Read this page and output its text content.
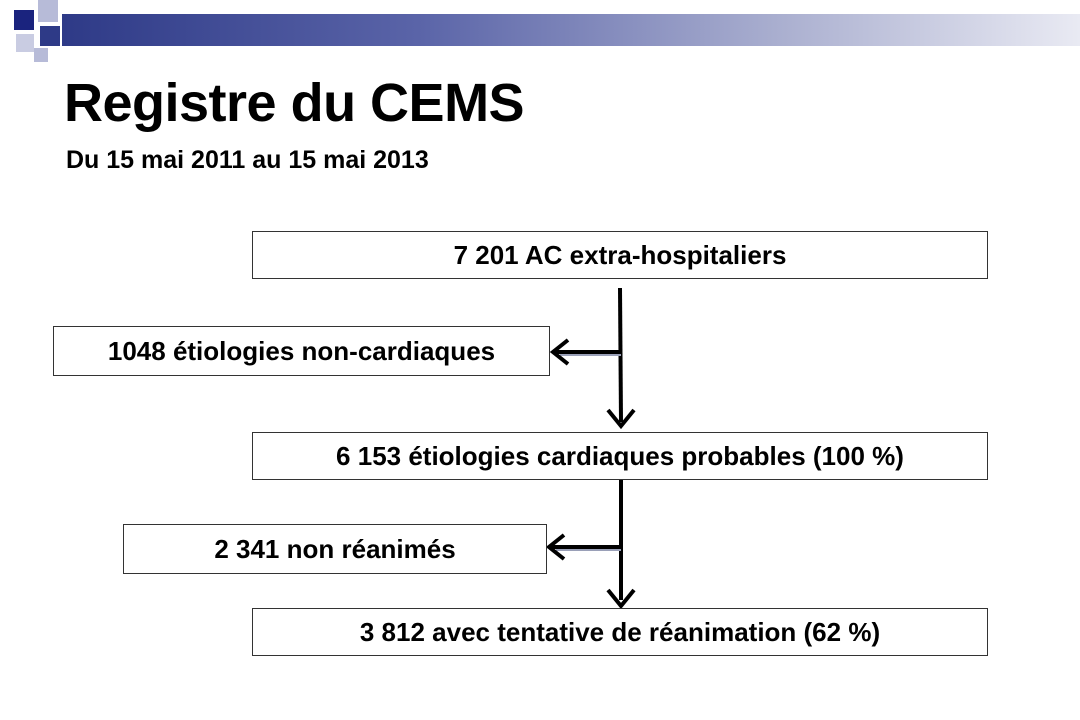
Registre du CEMS
Du 15 mai 2011 au 15 mai 2013
7 201 AC extra-hospitaliers
1048 étiologies non-cardiaques
6 153 étiologies cardiaques probables (100 %)
2 341 non réanimés
3 812 avec tentative de réanimation (62 %)
